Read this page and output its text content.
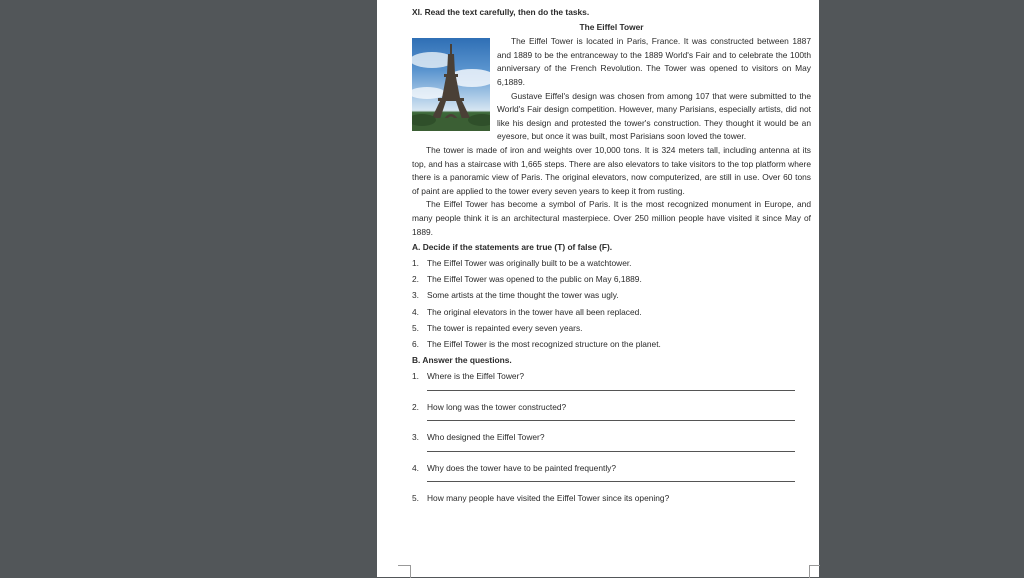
XI. Read the text carefully, then do the tasks.

The Eiffel Tower

The Eiffel Tower is located in Paris, France. It was constructed between 1887 and 1889 to be the entranceway to the 1889 World's Fair and to celebrate the 100th anniversary of the French Revolution. The Tower was opened to visitors on May 6,1889.

Gustave Eiffel's design was chosen from among 107 that were submitted to the World's Fair design competition. However, many Parisians, especially artists, did not like his design and protested the tower's construction. They thought it would be an eyesore, but once it was built, most Parisians soon loved the tower.

The tower is made of iron and weights over 10,000 tons. It is 324 meters tall, including antenna at its top, and has a staircase with 1,665 steps. There are also elevators to take visitors to the top platform where there is a panoramic view of Paris. The original elevators, now computerized, are still in use. Over 60 tons of paint are applied to the tower every seven years to keep it from rusting.

The Eiffel Tower has become a symbol of Paris. It is the most recognized monument in Europe, and many people think it is an architectural masterpiece. Over 250 million people have visited it since May of 1889.

A. Decide if the statements are true (T) of false (F).

1. The Eiffel Tower was originally built to be a watchtower.
2. The Eiffel Tower was opened to the public on May 6,1889.
3. Some artists at the time thought the tower was ugly.
4. The original elevators in the tower have all been replaced.
5. The tower is repainted every seven years.
6. The Eiffel Tower is the most recognized structure on the planet.

B. Answer the questions.

1. Where is the Eiffel Tower?
2. How long was the tower constructed?
3. Who designed the Eiffel Tower?
4. Why does the tower have to be painted frequently?
5. How many people have visited the Eiffel Tower since its opening?
